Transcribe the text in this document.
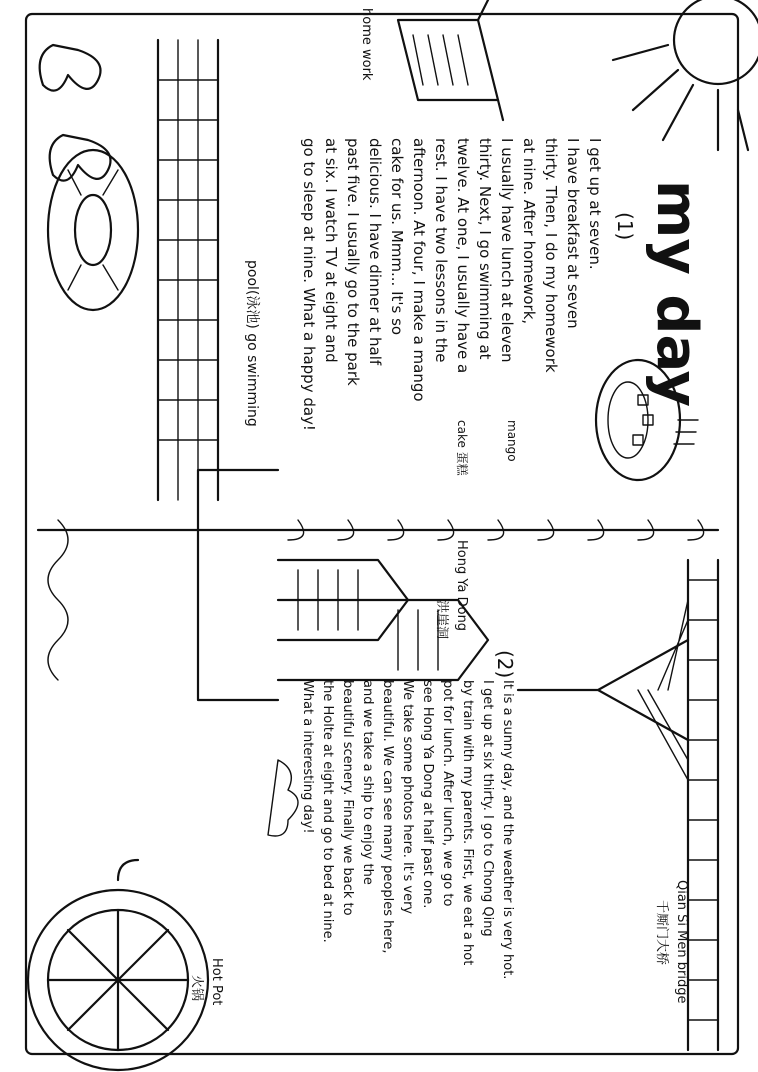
my day
(1)
I get up at seven.
I have breakfast at seven
thirty. Then, I do my homework
at nine. After homework,
I usually have lunch at eleven
thirty. Next, I go swimming at
twelve. At one, I usually have a
rest. I have two lessons in the
afternoon. At four, I make a mango
cake for us. Mmm... It's so
delicious. I have dinner at half
past five. I usually go to the park
at six. I watch TV at eight and
go to sleep at nine. What a happy day!
mango
cake 蛋糕
home work
pool(泳池) go swimming
(2)
It is a sunny day, and the weather is very hot.
I get up at six thirty. I go to Chong Qing
by train with my parents. First, we eat a hot
pot for lunch. After lunch, we go to
see Hong Ya Dong at half past one.
We take some photos here. It's very
beautiful. We can see many peoples here,
and we take a ship to enjoy the
beautiful scenery. Finally we back to
the Holte at eight and go to bed at nine.
What a interesting day!
Hong Ya Dong
洪崖洞
Qian Si Men bridge
千厮门大桥
Hot Pot
火锅
